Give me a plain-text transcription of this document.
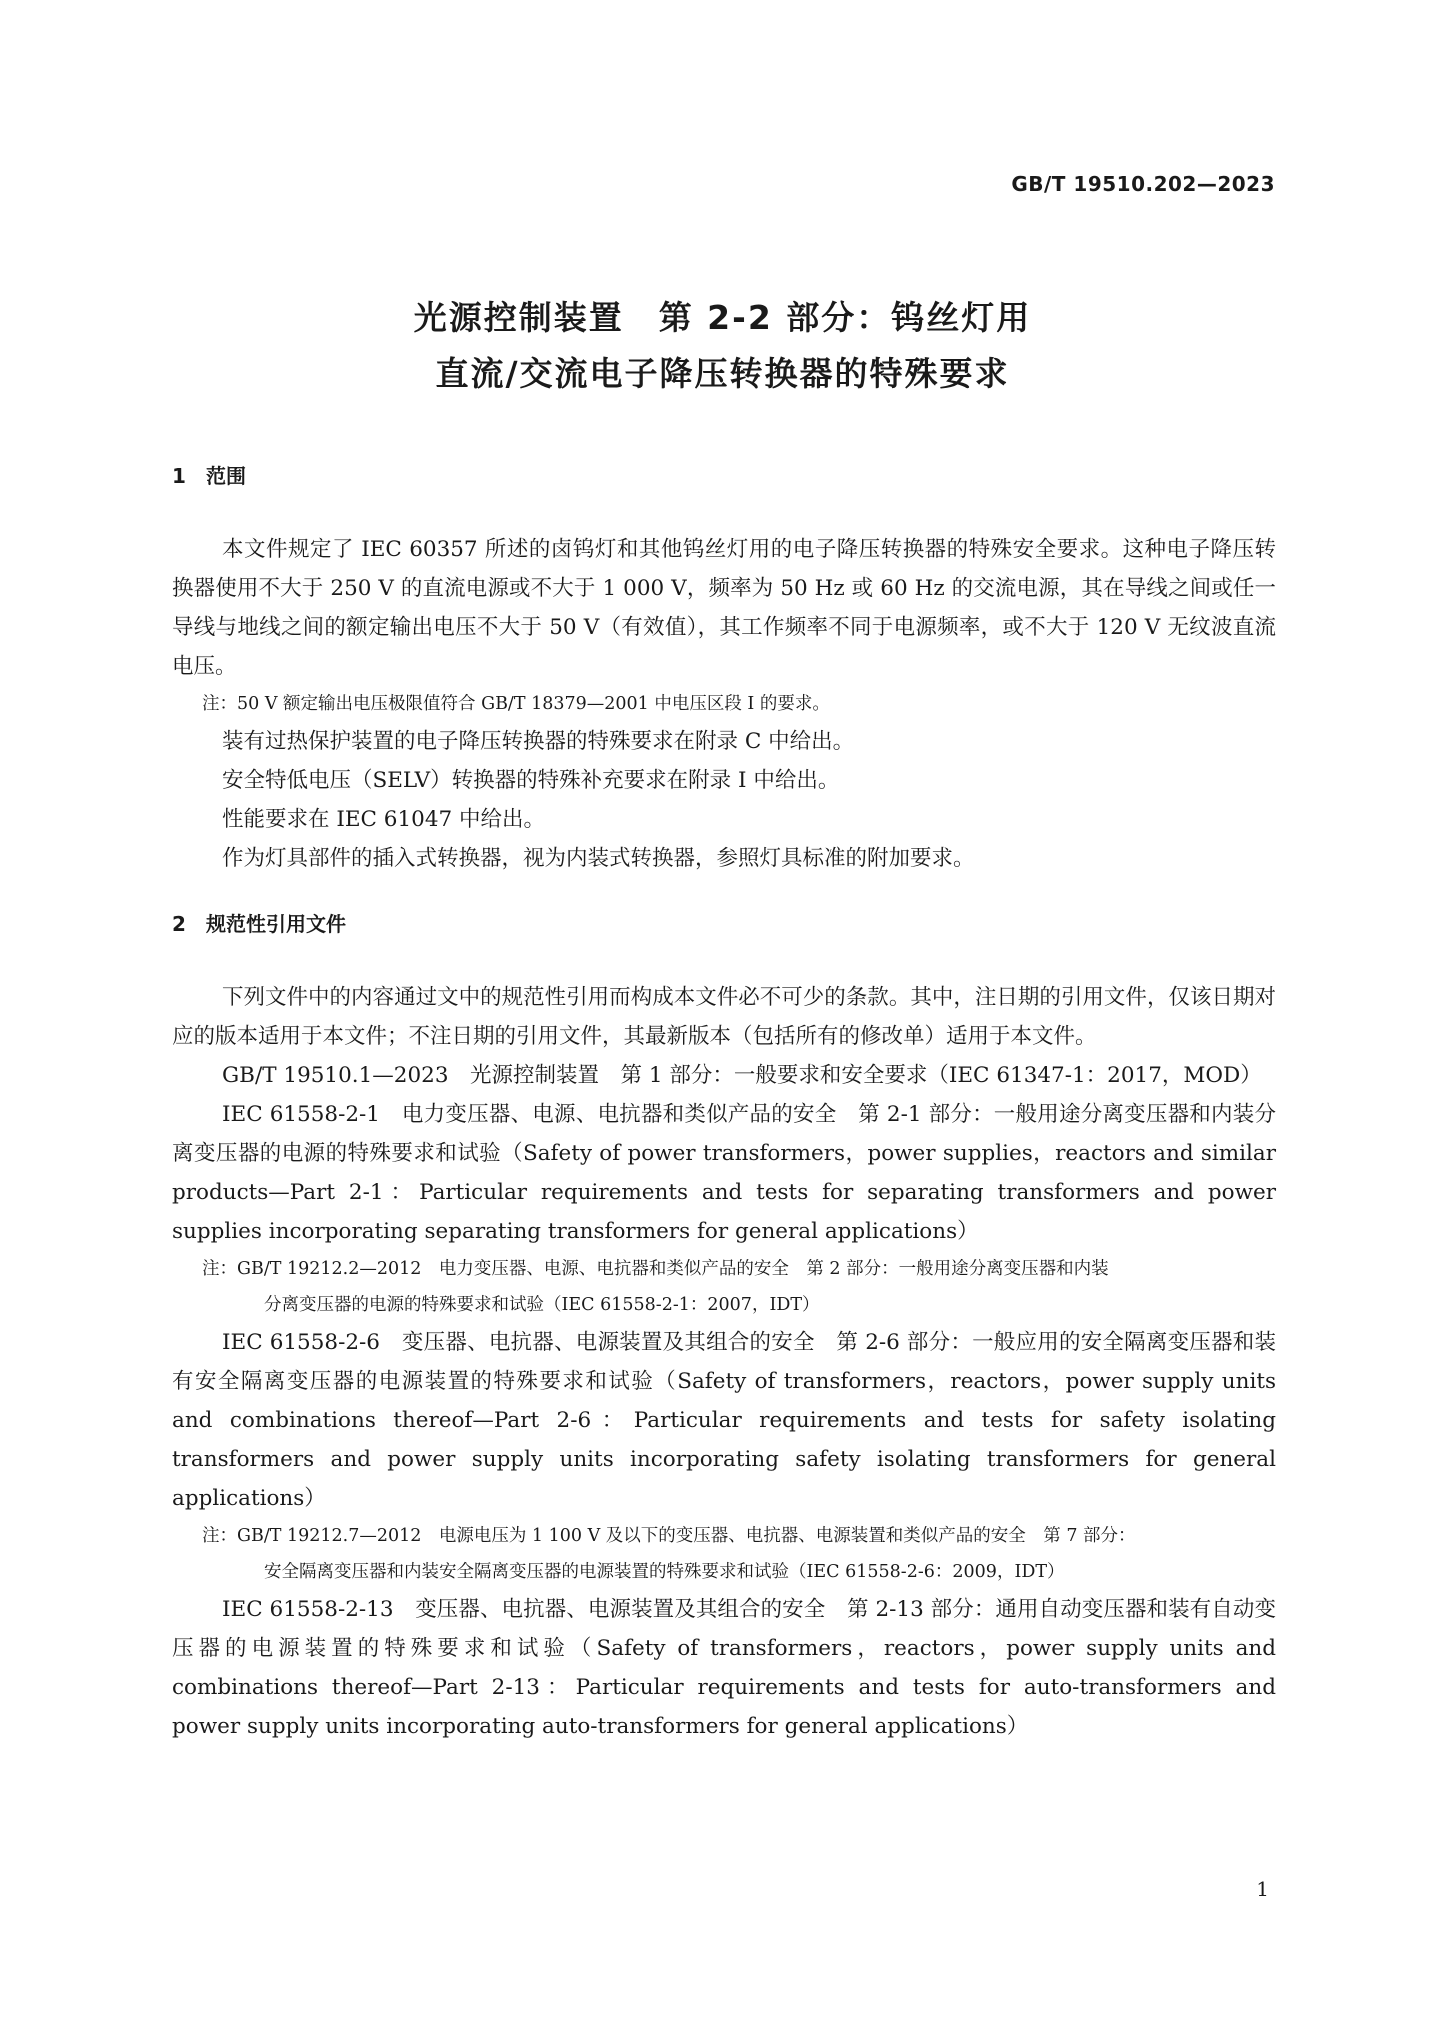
GB/T 19510.202—2023
光源控制装置　第 2-2 部分：钨丝灯用
直流/交流电子降压转换器的特殊要求
1 范围

本文件规定了 IEC 60357 所述的卤钨灯和其他钨丝灯用的电子降压转换器的特殊安全要求。这种电子降压转换器使用不大于 250 V 的直流电源或不大于 1 000 V，频率为 50 Hz 或 60 Hz 的交流电源，其在导线之间或任一导线与地线之间的额定输出电压不大于 50 V（有效值），其工作频率不同于电源频率，或不大于 120 V 无纹波直流电压。

注：50 V 额定输出电压极限值符合 GB/T 18379—2001 中电压区段 I 的要求。

装有过热保护装置的电子降压转换器的特殊要求在附录 C 中给出。

安全特低电压（SELV）转换器的特殊补充要求在附录 I 中给出。

性能要求在 IEC 61047 中给出。

作为灯具部件的插入式转换器，视为内装式转换器，参照灯具标准的附加要求。

2 规范性引用文件

下列文件中的内容通过文中的规范性引用而构成本文件必不可少的条款。其中，注日期的引用文件，仅该日期对应的版本适用于本文件；不注日期的引用文件，其最新版本（包括所有的修改单）适用于本文件。

GB/T 19510.1—2023　光源控制装置　第 1 部分：一般要求和安全要求（IEC 61347-1：2017，MOD）

IEC 61558-2-1　电力变压器、电源、电抗器和类似产品的安全　第 2-1 部分：一般用途分离变压器和内装分离变压器的电源的特殊要求和试验（Safety of power transformers，power supplies，reactors and similar products—Part 2-1：Particular requirements and tests for separating transformers and power supplies incorporating separating transformers for general applications）

注：GB/T 19212.2—2012　电力变压器、电源、电抗器和类似产品的安全　第 2 部分：一般用途分离变压器和内装
分离变压器的电源的特殊要求和试验（IEC 61558-2-1：2007，IDT）

IEC 61558-2-6　变压器、电抗器、电源装置及其组合的安全　第 2-6 部分：一般应用的安全隔离变压器和装有安全隔离变压器的电源装置的特殊要求和试验（Safety of transformers，reactors，power supply units and combinations thereof—Part 2-6：Particular requirements and tests for safety isolating transformers and power supply units incorporating safety isolating transformers for general applications）

注：GB/T 19212.7—2012　电源电压为 1 100 V 及以下的变压器、电抗器、电源装置和类似产品的安全　第 7 部分：
安全隔离变压器和内装安全隔离变压器的电源装置的特殊要求和试验（IEC 61558-2-6：2009，IDT）

IEC 61558-2-13　变压器、电抗器、电源装置及其组合的安全　第 2-13 部分：通用自动变压器和装有自动变压器的电源装置的特殊要求和试验（Safety of transformers，reactors，power supply units and combinations thereof—Part 2-13：Particular requirements and tests for auto-transformers and power supply units incorporating auto-transformers for general applications）

1
